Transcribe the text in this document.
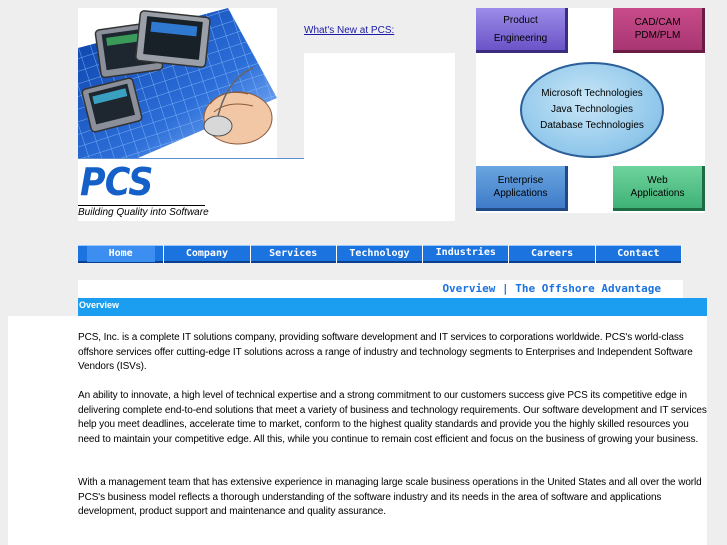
PCS
Building Quality into Software
What's New at PCS:
Product
Engineering
CAD/CAM
PDM/PLM
Microsoft Technologies
Java Technologies
Database Technologies
Enterprise
Applications
Web
Applications
Home	Company	Services	Technology	Industries	Careers	Contact
Overview | The Offshore Advantage
Overview

PCS, Inc. is a complete IT solutions company, providing software development and IT services to corporations worldwide. PCS's world-class offshore services offer cutting-edge IT solutions across a range of industry and technology segments to Enterprises and Independent Software Vendors (ISVs).

An ability to innovate, a high level of technical expertise and a strong commitment to our customers success give PCS its competitive edge in delivering complete end-to-end solutions that meet a variety of business and technology requirements. Our software development and IT services help you meet deadlines, accelerate time to market, conform to the highest quality standards and provide you the highly skilled resources you need to maintain your competitive edge. All this, while you continue to remain cost efficient and focus on the business of growing your business.

With a management team that has extensive experience in managing large scale business operations in the United States and all over the world PCS's business model reflects a thorough understanding of the software industry and its needs in the area of software and applications development, product support and maintenance and quality assurance.
